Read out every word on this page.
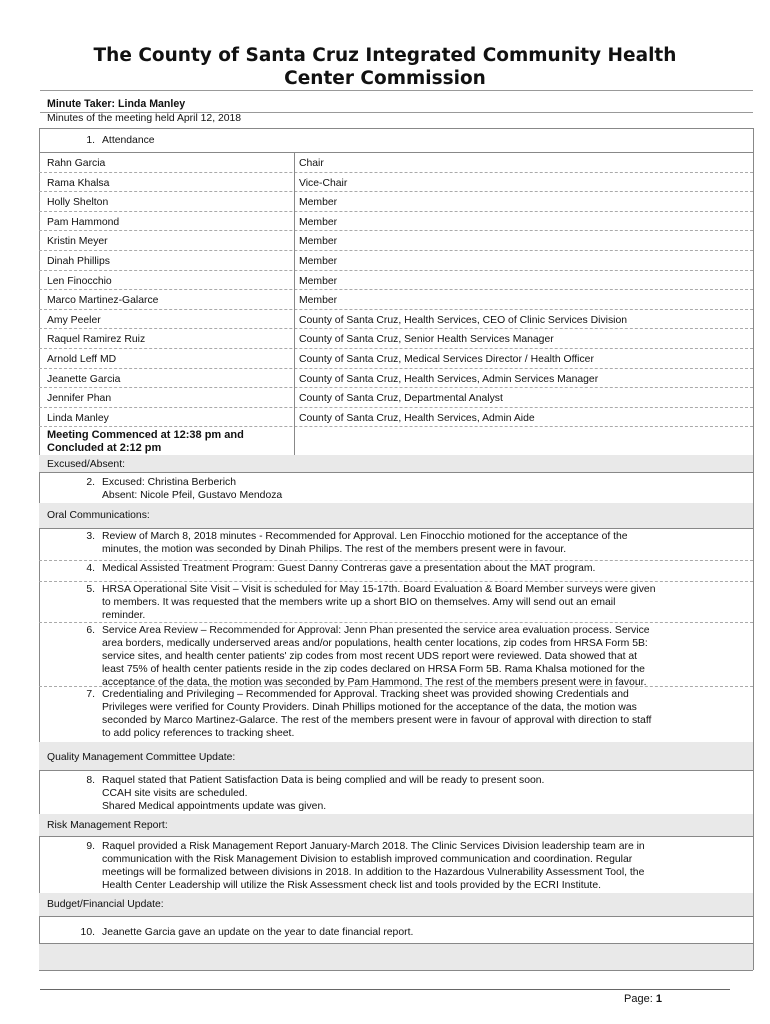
The County of Santa Cruz Integrated Community Health
Center Commission
Minute Taker: Linda Manley
Minutes of the meeting held April 12, 2018
1. Attendance
Rahn Garcia	Chair
Rama Khalsa	Vice-Chair
Holly Shelton	Member
Pam Hammond	Member
Kristin Meyer	Member
Dinah Phillips	Member
Len Finocchio	Member
Marco Martinez-Galarce	Member
Amy Peeler	County of Santa Cruz, Health Services, CEO of Clinic Services Division
Raquel Ramirez Ruiz	County of Santa Cruz, Senior Health Services Manager
Arnold Leff MD	County of Santa Cruz, Medical Services Director / Health Officer
Jeanette Garcia	County of Santa Cruz, Health Services, Admin Services Manager
Jennifer Phan	County of Santa Cruz, Departmental Analyst
Linda Manley	County of Santa Cruz, Health Services, Admin Aide
Meeting Commenced at 12:38 pm and
Concluded at 2:12 pm
Excused/Absent:
2. Excused: Christina Berberich
Absent: Nicole Pfeil, Gustavo Mendoza
Oral Communications:
3. Review of March 8, 2018 minutes - Recommended for Approval. Len Finocchio motioned for the acceptance of the
minutes, the motion was seconded by Dinah Philips. The rest of the members present were in favour.
4. Medical Assisted Treatment Program: Guest Danny Contreras gave a presentation about the MAT program.
5. HRSA Operational Site Visit – Visit is scheduled for May 15-17th. Board Evaluation & Board Member surveys were given
to members. It was requested that the members write up a short BIO on themselves. Amy will send out an email
reminder.
6. Service Area Review – Recommended for Approval: Jenn Phan presented the service area evaluation process. Service
area borders, medically underserved areas and/or populations, health center locations, zip codes from HRSA Form 5B:
service sites, and health center patients' zip codes from most recent UDS report were reviewed. Data showed that at
least 75% of health center patients reside in the zip codes declared on HRSA Form 5B. Rama Khalsa motioned for the
acceptance of the data, the motion was seconded by Pam Hammond. The rest of the members present were in favour.
7. Credentialing and Privileging – Recommended for Approval. Tracking sheet was provided showing Credentials and
Privileges were verified for County Providers. Dinah Phillips motioned for the acceptance of the data, the motion was
seconded by Marco Martinez-Galarce. The rest of the members present were in favour of approval with direction to staff
to add policy references to tracking sheet.
Quality Management Committee Update:
8. Raquel stated that Patient Satisfaction Data is being complied and will be ready to present soon.
CCAH site visits are scheduled.
Shared Medical appointments update was given.
Risk Management Report:
9. Raquel provided a Risk Management Report January-March 2018. The Clinic Services Division leadership team are in
communication with the Risk Management Division to establish improved communication and coordination. Regular
meetings will be formalized between divisions in 2018. In addition to the Hazardous Vulnerability Assessment Tool, the
Health Center Leadership will utilize the Risk Assessment check list and tools provided by the ECRI Institute.
Budget/Financial Update:
10. Jeanette Garcia gave an update on the year to date financial report.
Page: 1
